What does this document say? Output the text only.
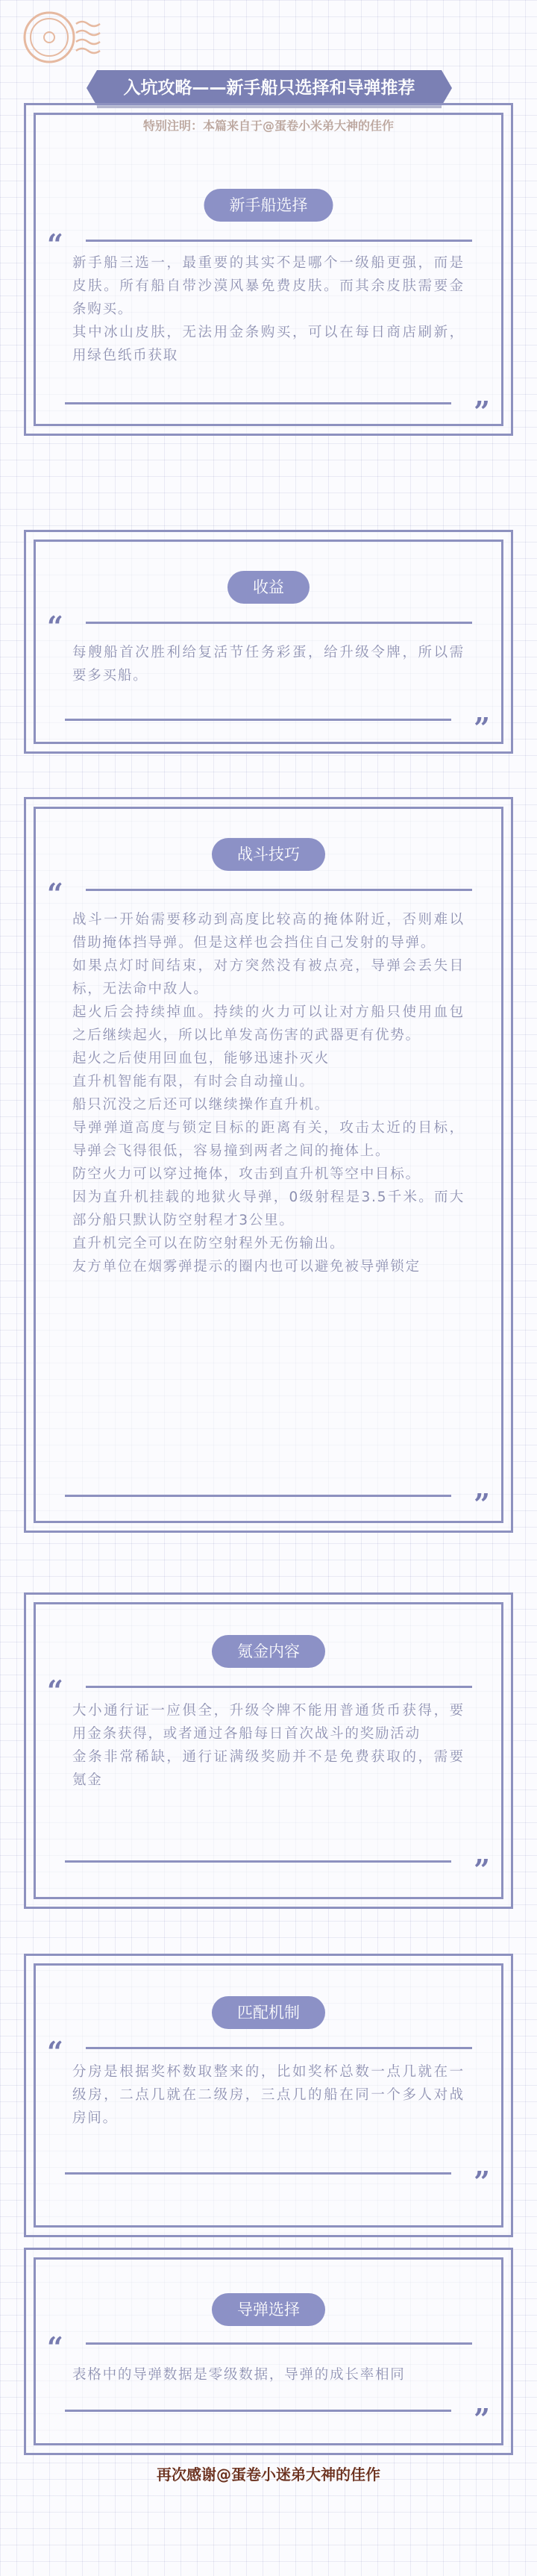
入坑攻略——新手船只选择和导弹推荐
新手船选择
“

新手船三选一，最重要的其实不是哪个一级船更强，而是皮肤。所有船自带沙漠风暴免费皮肤。而其余皮肤需要金条购买。

其中冰山皮肤，无法用金条购买，可以在每日商店刷新，用绿色纸币获取

”
收益
“

每艘船首次胜利给复活节任务彩蛋，给升级令牌，所以需要多买船。

”
战斗技巧
“

战斗一开始需要移动到高度比较高的掩体附近，否则难以借助掩体挡导弹。但是这样也会挡住自己发射的导弹。

如果点灯时间结束，对方突然没有被点亮，导弹会丢失目标，无法命中敌人。

起火后会持续掉血。持续的火力可以让对方船只使用血包之后继续起火，所以比单发高伤害的武器更有优势。

起火之后使用回血包，能够迅速扑灭火

直升机智能有限，有时会自动撞山。

船只沉没之后还可以继续操作直升机。

导弹弹道高度与锁定目标的距离有关，攻击太近的目标，导弹会飞得很低，容易撞到两者之间的掩体上。

防空火力可以穿过掩体，攻击到直升机等空中目标。

因为直升机挂载的地狱火导弹，0级射程是3.5千米。而大部分船只默认防空射程才3公里。

直升机完全可以在防空射程外无伤输出。

友方单位在烟雾弹提示的圈内也可以避免被导弹锁定

”
氪金内容
“

大小通行证一应俱全，升级令牌不能用普通货币获得，要用金条获得，或者通过各船每日首次战斗的奖励活动

金条非常稀缺，通行证满级奖励并不是免费获取的，需要氪金

”
匹配机制
“

分房是根据奖杯数取整来的，比如奖杯总数一点几就在一级房，二点几就在二级房，三点几的船在同一个多人对战房间。

”
导弹选择
“

表格中的导弹数据是零级数据，导弹的成长率相同

”
再次感谢@蛋卷小迷弟大神的佳作
